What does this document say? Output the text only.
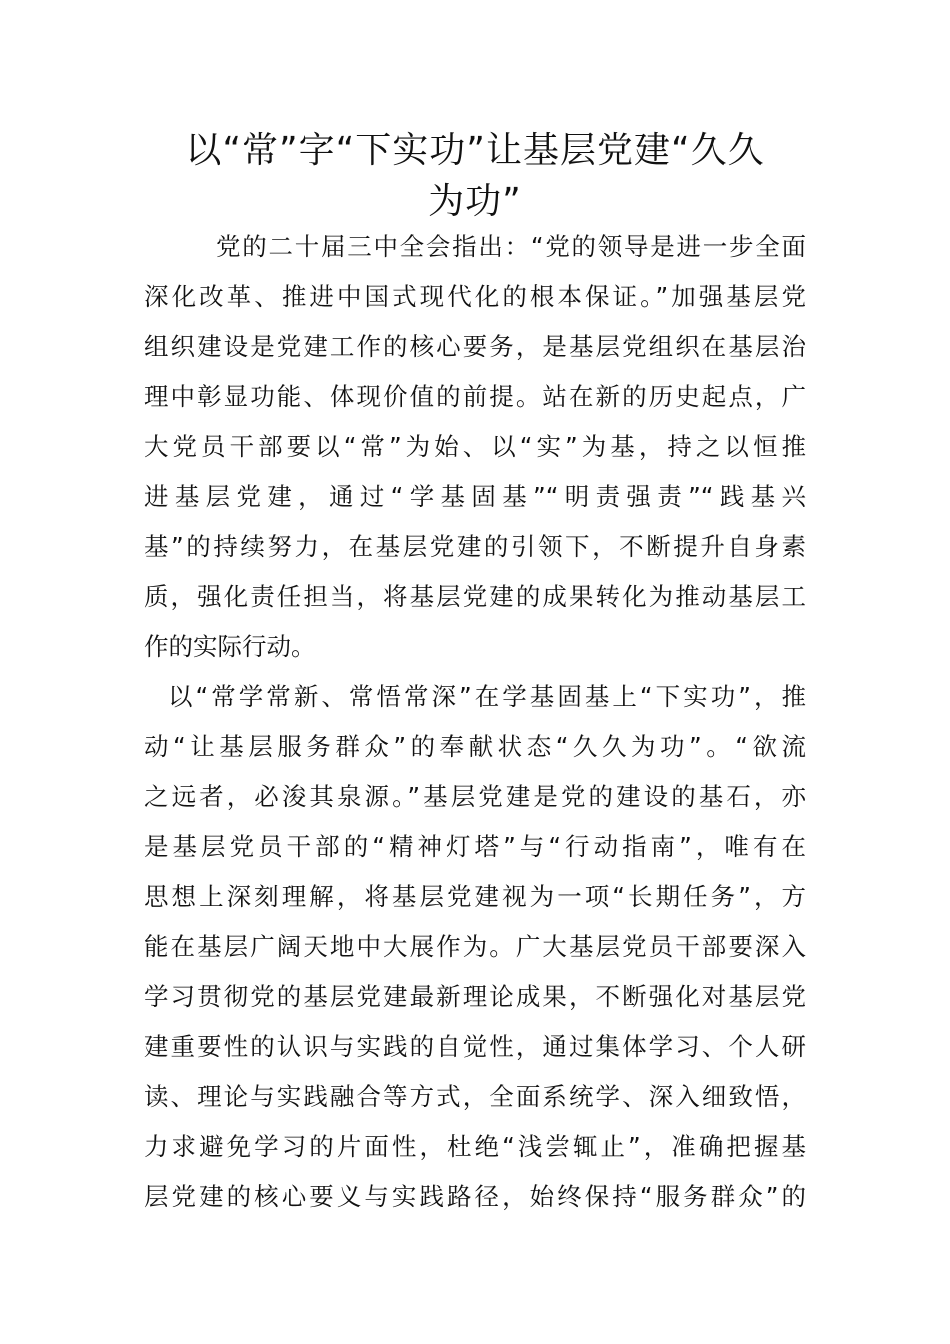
以“常”字“下实功”让基层党建“久久
为功”
党的二十届三中全会指出：“党的领导是进一步全面
深化改革、推进中国式现代化的根本保证。”加强基层党
组织建设是党建工作的核心要务，是基层党组织在基层治
理中彰显功能、体现价值的前提。站在新的历史起点，广
大党员干部要以“常”为始、以“实”为基，持之以恒推
进基层党建，通过“学基固基”“明责强责”“践基兴
基”的持续努力，在基层党建的引领下，不断提升自身素
质，强化责任担当，将基层党建的成果转化为推动基层工
作的实际行动。
以“常学常新、常悟常深”在学基固基上“下实功”，推
动“让基层服务群众”的奉献状态“久久为功”。“欲流
之远者，必浚其泉源。”基层党建是党的建设的基石，亦
是基层党员干部的“精神灯塔”与“行动指南”，唯有在
思想上深刻理解，将基层党建视为一项“长期任务”，方
能在基层广阔天地中大展作为。广大基层党员干部要深入
学习贯彻党的基层党建最新理论成果，不断强化对基层党
建重要性的认识与实践的自觉性，通过集体学习、个人研
读、理论与实践融合等方式，全面系统学、深入细致悟，
力求避免学习的片面性，杜绝“浅尝辄止”，准确把握基
层党建的核心要义与实践路径，始终保持“服务群众”的
